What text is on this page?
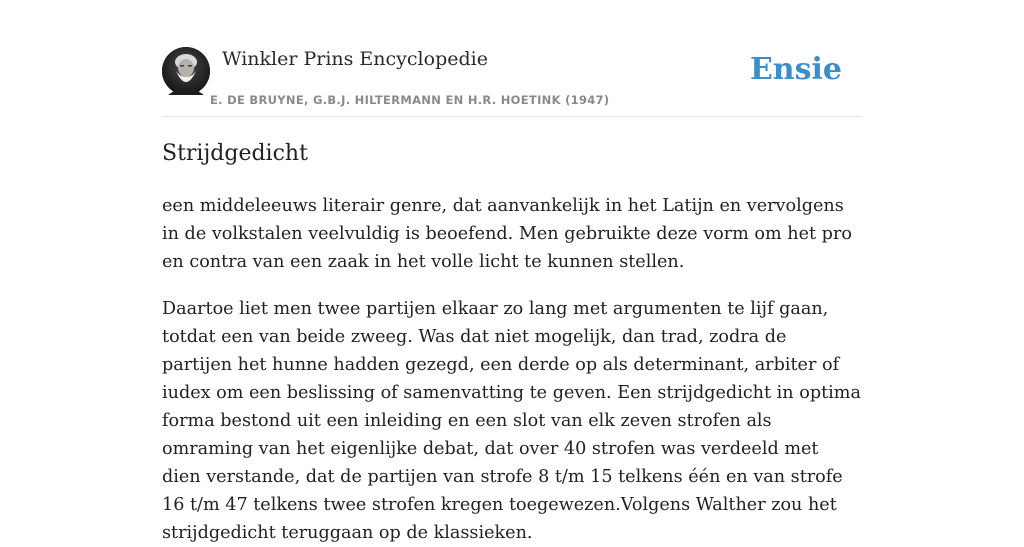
Winkler Prins Encyclopedie
E. DE BRUYNE, G.B.J. HILTERMANN EN H.R. HOETINK (1947)
Ensie
Strijdgedicht

een middeleeuws literair genre, dat aanvankelijk in het Latijn en vervolgens in de volkstalen veelvuldig is beoefend. Men gebruikte deze vorm om het pro en contra van een zaak in het volle licht te kunnen stellen.

Daartoe liet men twee partijen elkaar zo lang met argumenten te lijf gaan, totdat een van beide zweeg. Was dat niet mogelijk, dan trad, zodra de partijen het hunne hadden gezegd, een derde op als determinant, arbiter of iudex om een beslissing of samenvatting te geven. Een strijdgedicht in optima forma bestond uit een inleiding en een slot van elk zeven strofen als omraming van het eigenlijke debat, dat over 40 strofen was verdeeld met dien verstande, dat de partijen van strofe 8 t/m 15 telkens één en van strofe 16 t/m 47 telkens twee strofen kregen toegewezen.Volgens Walther zou het strijdgedicht teruggaan op de klassieken.
